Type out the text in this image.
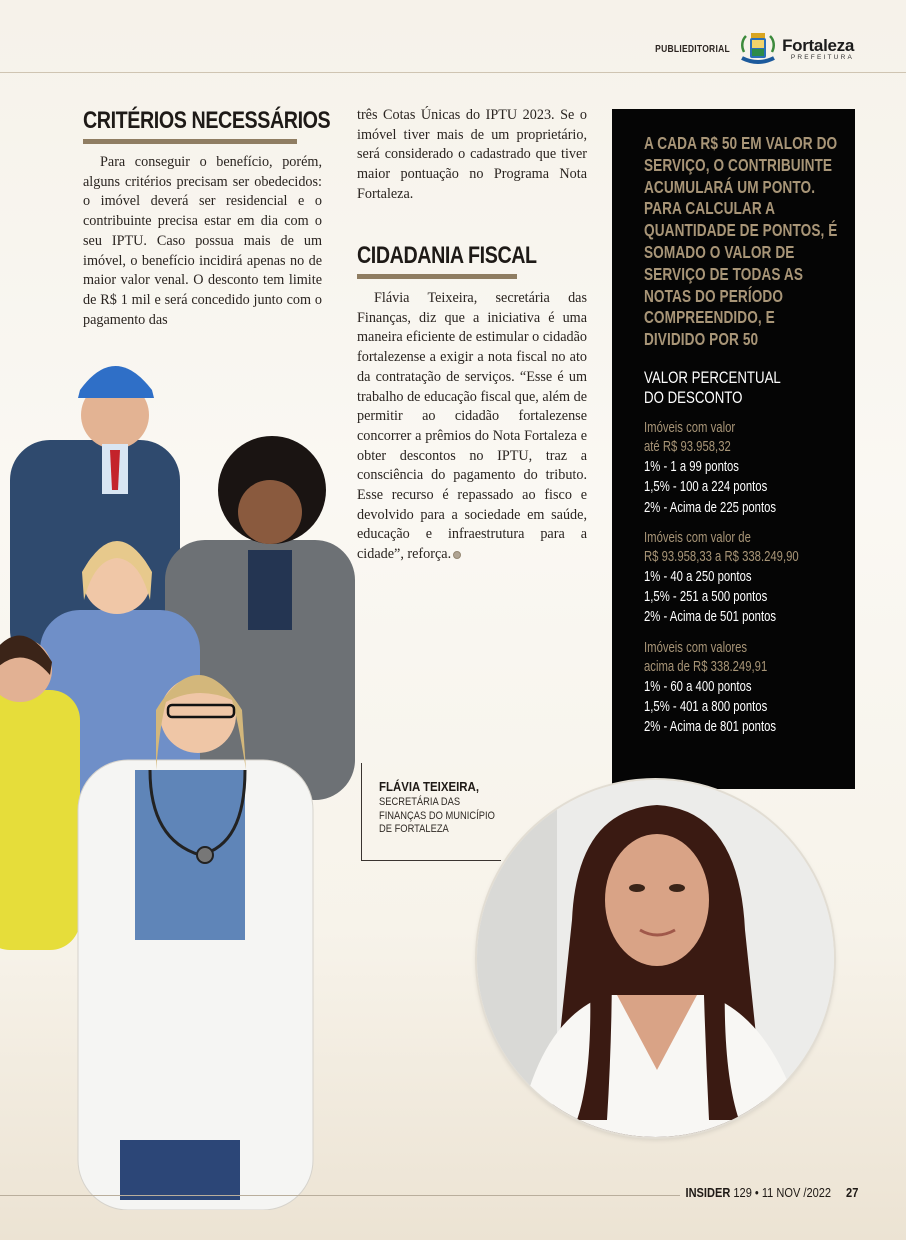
PUBLIEDITORIAL	Fortaleza
PREFEITURA
CRITÉRIOS NECESSÁRIOS

Para conseguir o benefício, porém, alguns critérios precisam ser obedecidos: o imóvel deverá ser residencial e o contribuinte precisa estar em dia com o seu IPTU. Caso possua mais de um imóvel, o benefício incidirá apenas no de maior valor venal. O desconto tem limite de R$ 1 mil e será concedido junto com o pagamento das

três Cotas Únicas do IPTU 2023. Se o imóvel tiver mais de um proprietário, será considerado o cadastrado que tiver maior pontuação no Programa Nota Fortaleza.
CIDADANIA FISCAL

Flávia Teixeira, secretária das Finanças, diz que a iniciativa é uma maneira eficiente de estimular o cidadão fortalezense a exigir a nota fiscal no ato da contratação de serviços. “Esse é um trabalho de educação fiscal que, além de permitir ao cidadão fortalezense concorrer a prêmios do Nota Fortaleza e obter descontos no IPTU, traz a consciência do pagamento do tributo. Esse recurso é repassado ao fisco e devolvido para a sociedade em saúde, educação e infraestrutura para a cidade”, reforça.

A CADA R$ 50 EM VALOR DO SERVIÇO, O CONTRIBUINTE ACUMULARÁ UM PONTO. PARA CALCULAR A QUANTIDADE DE PONTOS, É SOMADO O VALOR DE SERVIÇO DE TODAS AS NOTAS DO PERÍODO COMPREENDIDO, E DIVIDIDO POR 50
VALOR PERCENTUAL
DO DESCONTO
Imóveis com valor
até R$ 93.958,32
1% - 1 a 99 pontos
1,5% - 100 a 224 pontos
2% - Acima de 225 pontos
Imóveis com valor de
R$ 93.958,33 a R$ 338.249,90
1% - 40 a 250 pontos
1,5% - 251 a 500 pontos
2% - Acima de 501 pontos
Imóveis com valores
acima de R$ 338.249,91
1% - 60 a 400 pontos
1,5% - 401 a 800 pontos
2% - Acima de 801 pontos
FLÁVIA TEIXEIRA,
SECRETÁRIA DAS
FINANÇAS DO MUNICÍPIO
DE FORTALEZA
INSIDER 129 • 11 NOV /2022 27
